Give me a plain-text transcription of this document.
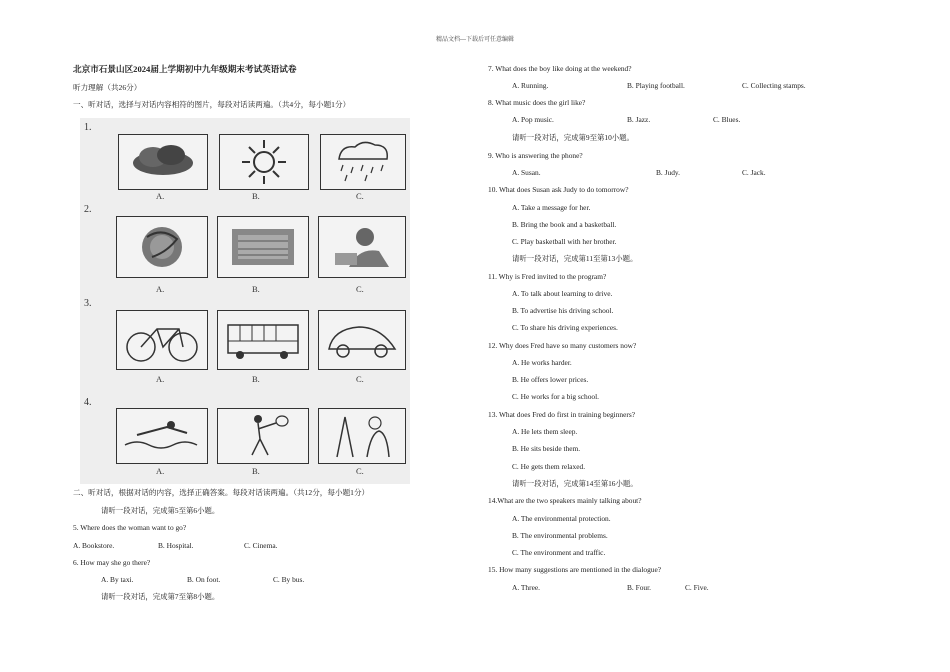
精品文档---下载后可任意编辑
北京市石景山区2024届上学期初中九年级期末考试英语试卷
听力理解（共26分）
一、听对话，选择与对话内容相符的图片，每段对话读两遍。（共4分，每小题1分）
1.
2.
3.
4.
A.	B.	C.
A.	B.	C.
A.	B.	C.
A.	B.	C.
二、听对话，根据对话的内容，选择正确答案。每段对话读两遍。（共12分，每小题1分）
请听一段对话，完成第5至第6小题。
5. Where does the woman want to go?
A. Bookstore.	B. Hospital.	C. Cinema.
6. How may she go there?
A. By taxi.	B. On foot.	C. By bus.
请听一段对话，完成第7至第8小题。
7. What does the boy like doing at the weekend?
A. Running.	B. Playing football.	C. Collecting stamps.
8. What music does the girl like?
A. Pop music.	B. Jazz.	C. Blues.
请听一段对话，完成第9至第10小题。
9. Who is answering the phone?
A. Susan.	B. Judy.	C. Jack.
10. What does Susan ask Judy to do tomorrow?
A. Take a message for her.
B. Bring the book and a basketball.
C. Play basketball with her brother.
请听一段对话，完成第11至第13小题。
11. Why is Fred invited to the program?
A. To talk about learning to drive.
B. To advertise his driving school.
C. To share his driving experiences.
12. Why does Fred have so many customers now?
A. He works harder.
B. He offers lower prices.
C. He works for a big school.
13. What does Fred do first in training beginners?
A. He lets them sleep.
B. He sits beside them.
C. He gets them relaxed.
请听一段对话，完成第14至第16小题。
14.What are the two speakers mainly talking about?
A. The environmental protection.
B. The environmental problems.
C. The environment and traffic.
15. How many suggestions are mentioned in the dialogue?
A. Three.	B. Four.	C. Five.
